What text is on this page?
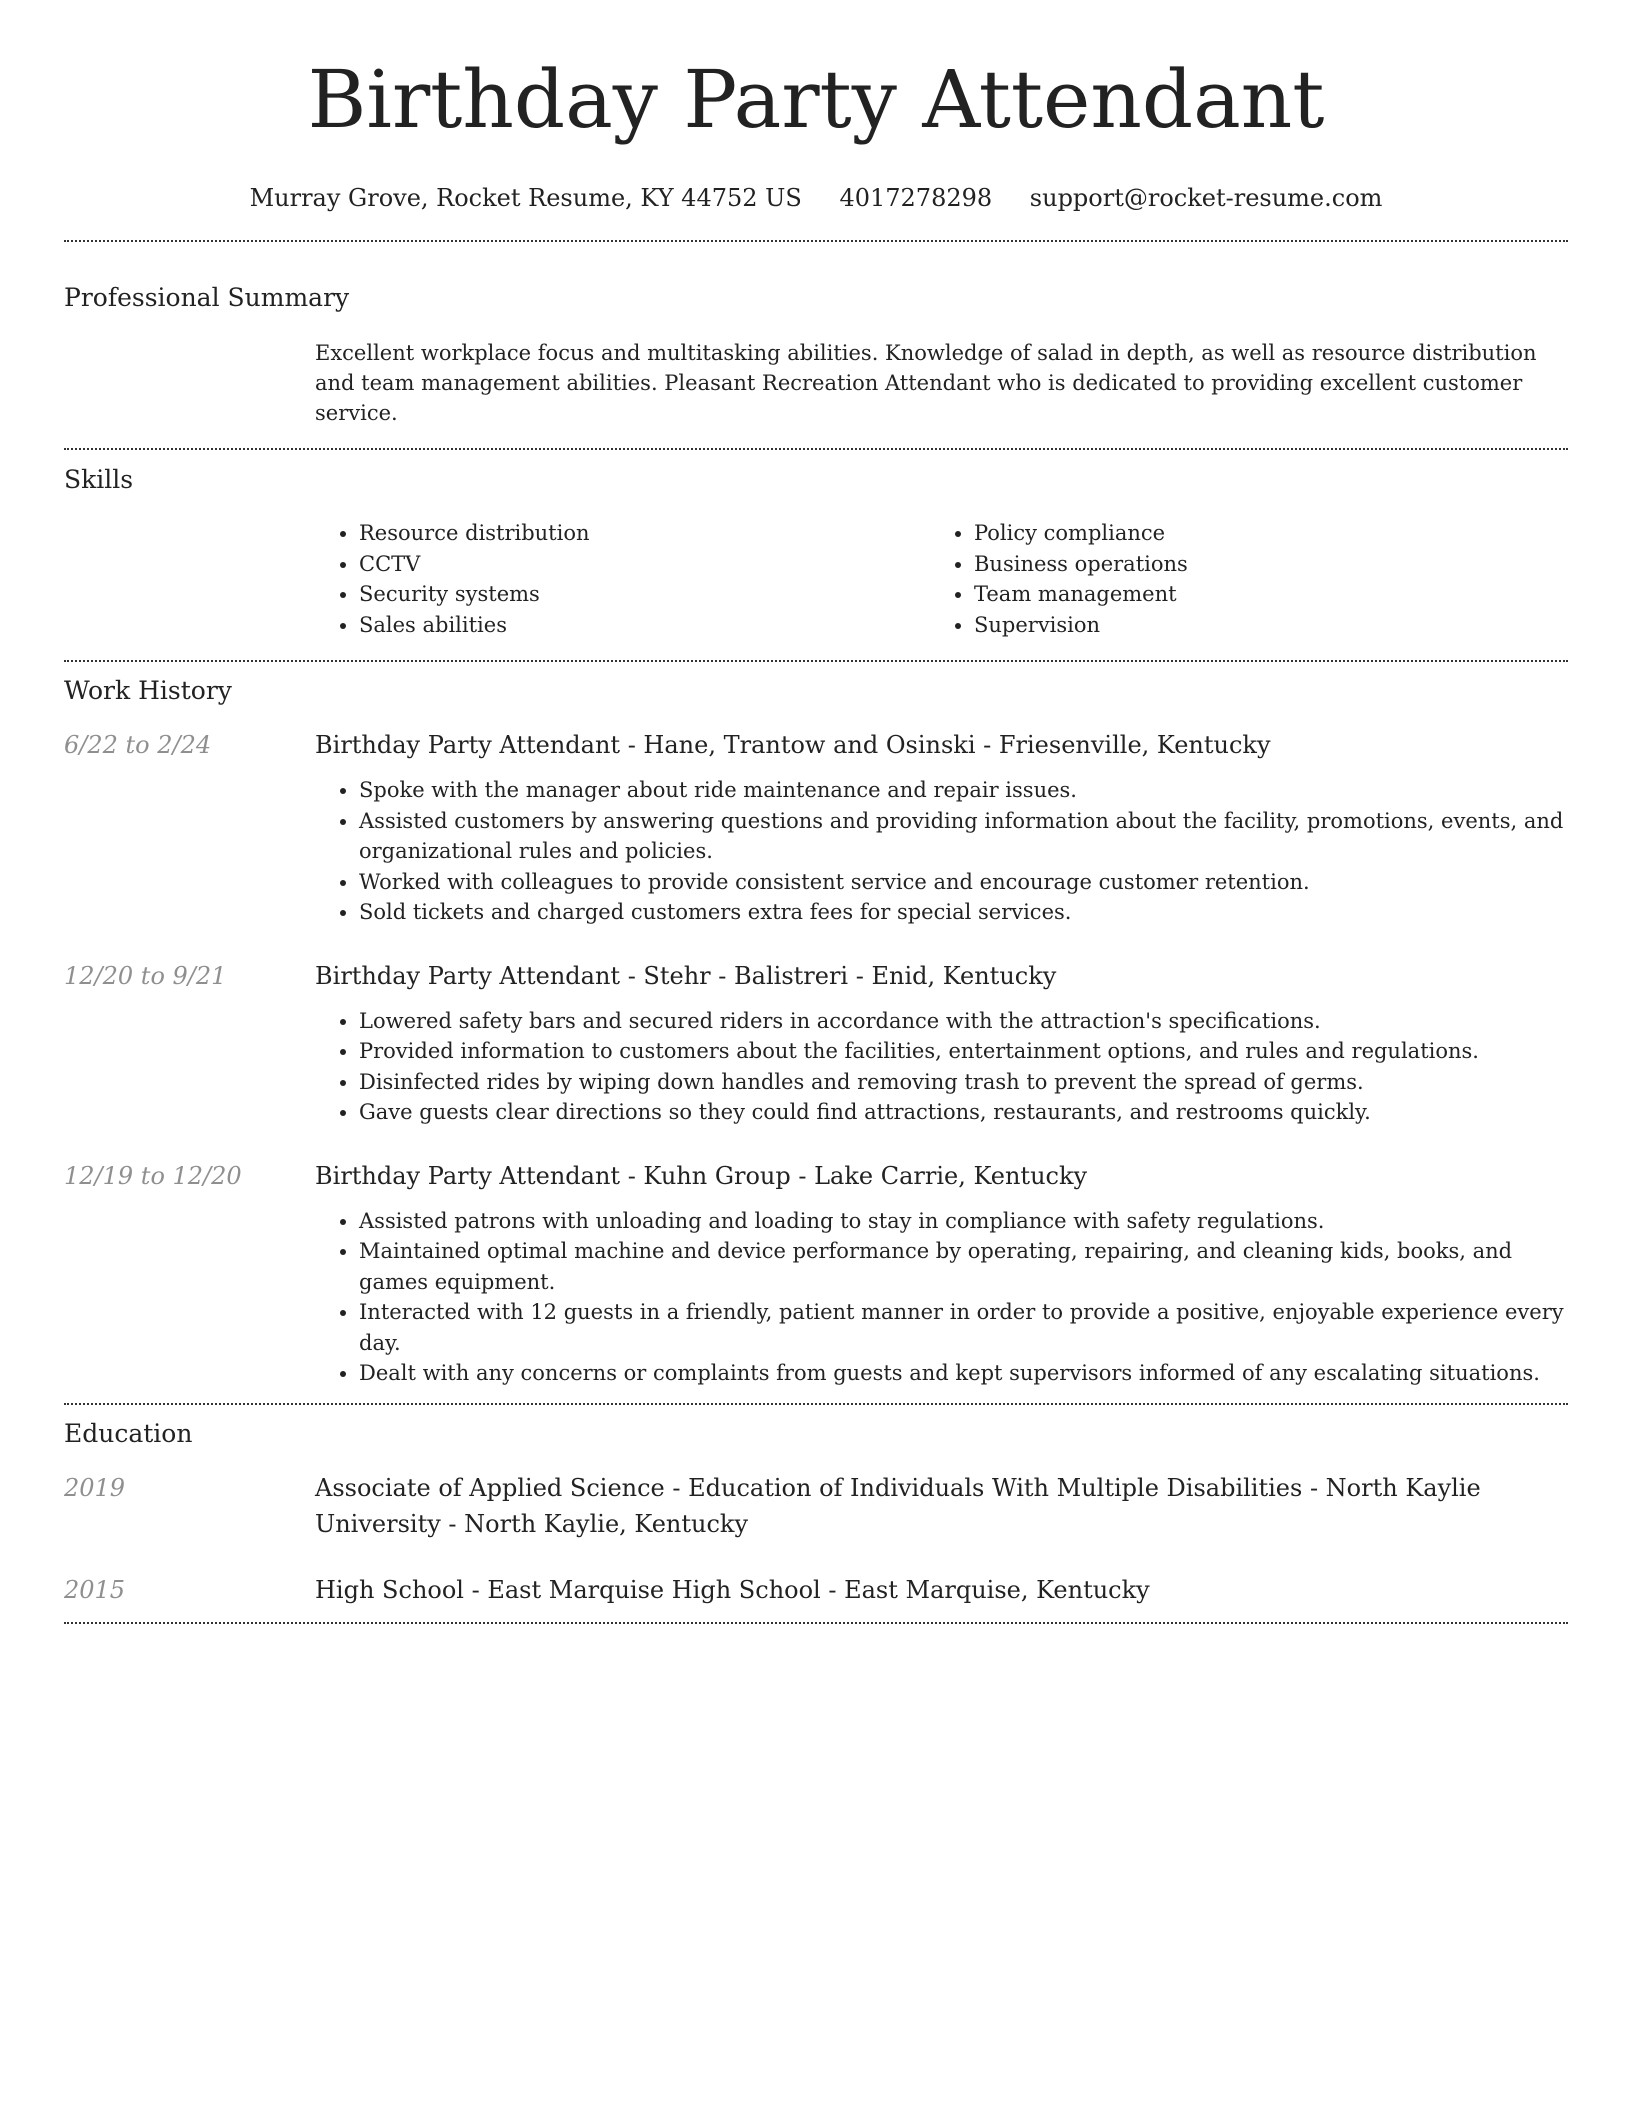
Birthday Party Attendant
Murray Grove, Rocket Resume, KY 44752 US 4017278298 support@rocket-resume.com
Professional Summary
Excellent workplace focus and multitasking abilities. Knowledge of salad in depth, as well as resource distribution and team management abilities. Pleasant Recreation Attendant who is dedicated to providing excellent customer service.
Skills
• Resource distribution
• CCTV
• Security systems
• Sales abilities
• Policy compliance
• Business operations
• Team management
• Supervision
Work History
6/22 to 2/24	Birthday Party Attendant - Hane, Trantow and Osinski - Friesenville, Kentucky
• Spoke with the manager about ride maintenance and repair issues.
• Assisted customers by answering questions and providing information about the facility, promotions, events, and organizational rules and policies.
• Worked with colleagues to provide consistent service and encourage customer retention.
• Sold tickets and charged customers extra fees for special services.
12/20 to 9/21	Birthday Party Attendant - Stehr - Balistreri - Enid, Kentucky
• Lowered safety bars and secured riders in accordance with the attraction's specifications.
• Provided information to customers about the facilities, entertainment options, and rules and regulations.
• Disinfected rides by wiping down handles and removing trash to prevent the spread of germs.
• Gave guests clear directions so they could find attractions, restaurants, and restrooms quickly.
12/19 to 12/20	Birthday Party Attendant - Kuhn Group - Lake Carrie, Kentucky
• Assisted patrons with unloading and loading to stay in compliance with safety regulations.
• Maintained optimal machine and device performance by operating, repairing, and cleaning kids, books, and games equipment.
• Interacted with 12 guests in a friendly, patient manner in order to provide a positive, enjoyable experience every day.
• Dealt with any concerns or complaints from guests and kept supervisors informed of any escalating situations.
Education
2019	Associate of Applied Science - Education of Individuals With Multiple Disabilities - North Kaylie University - North Kaylie, Kentucky
2015	High School - East Marquise High School - East Marquise, Kentucky
